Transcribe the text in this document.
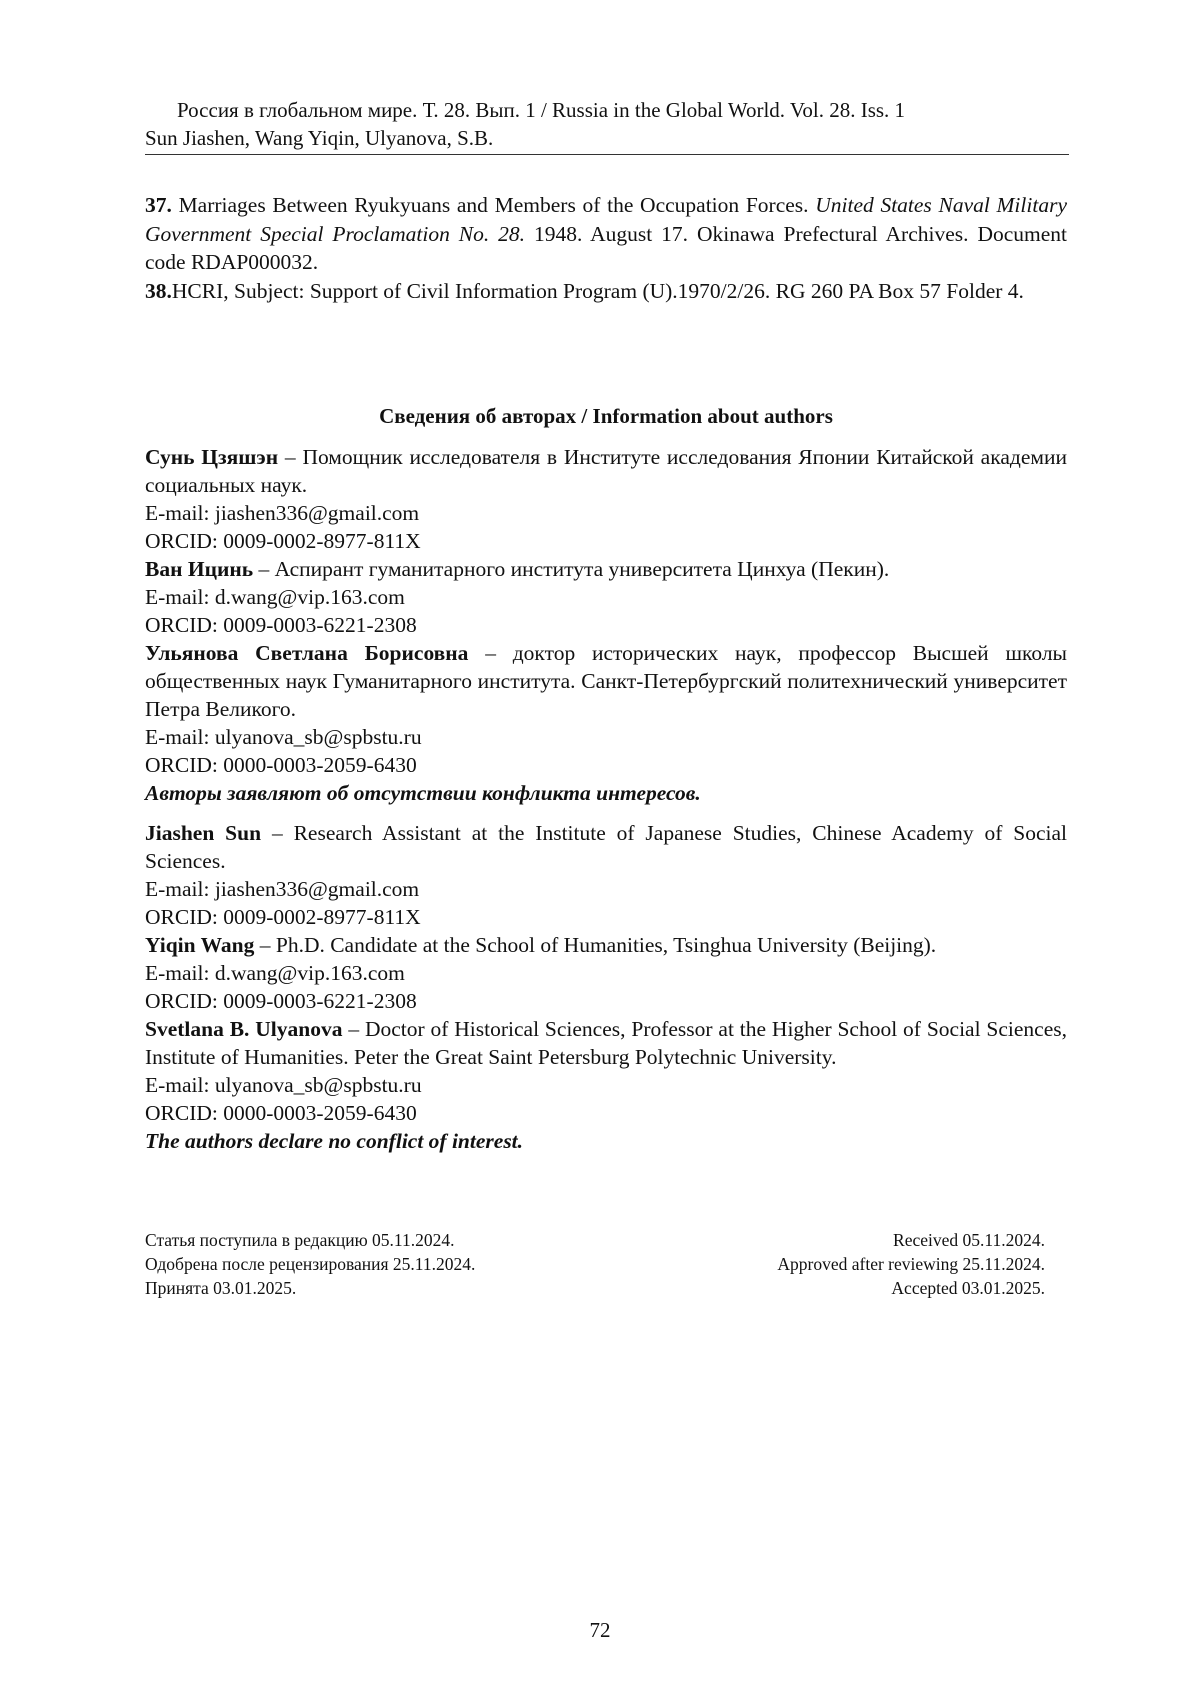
Россия в глобальном мире. Т. 28. Вып. 1 / Russia in the Global World. Vol. 28. Iss. 1
Sun Jiashen, Wang Yiqin, Ulyanova, S.B.
37. Marriages Between Ryukyuans and Members of the Occupation Forces. United States Naval Military Government Special Proclamation No. 28. 1948. August 17. Okinawa Prefectural Archives. Document code RDAP000032.
38.HCRI, Subject: Support of Civil Information Program (U).1970/2/26. RG 260 PA Box 57 Folder 4.
Сведения об авторах / Information about authors
Сунь Цзяшэн – Помощник исследователя в Институте исследования Японии Китайской академии социальных наук.
E-mail: jiashen336@gmail.com
ORCID: 0009-0002-8977-811X
Ван Ицинь – Аспирант гуманитарного института университета Цинхуа (Пекин).
E-mail: d.wang@vip.163.com
ORCID: 0009-0003-6221-2308
Ульянова Светлана Борисовна – доктор исторических наук, профессор Высшей школы общественных наук Гуманитарного института. Санкт-Петербургский политехнический университет Петра Великого.
E-mail: ulyanova_sb@spbstu.ru
ORCID: 0000-0003-2059-6430
Авторы заявляют об отсутствии конфликта интересов.
Jiashen Sun – Research Assistant at the Institute of Japanese Studies, Chinese Academy of Social Sciences.
E-mail: jiashen336@gmail.com
ORCID: 0009-0002-8977-811X
Yiqin Wang – Ph.D. Candidate at the School of Humanities, Tsinghua University (Beijing).
E-mail: d.wang@vip.163.com
ORCID: 0009-0003-6221-2308
Svetlana B. Ulyanova – Doctor of Historical Sciences, Professor at the Higher School of Social Sciences, Institute of Humanities. Peter the Great Saint Petersburg Polytechnic University.
E-mail: ulyanova_sb@spbstu.ru
ORCID: 0000-0003-2059-6430
The authors declare no conflict of interest.
Статья поступила в редакцию 05.11.2024.
Одобрена после рецензирования 25.11.2024.
Принята 03.01.2025.
Received 05.11.2024.
Approved after reviewing 25.11.2024.
Accepted 03.01.2025.
72
